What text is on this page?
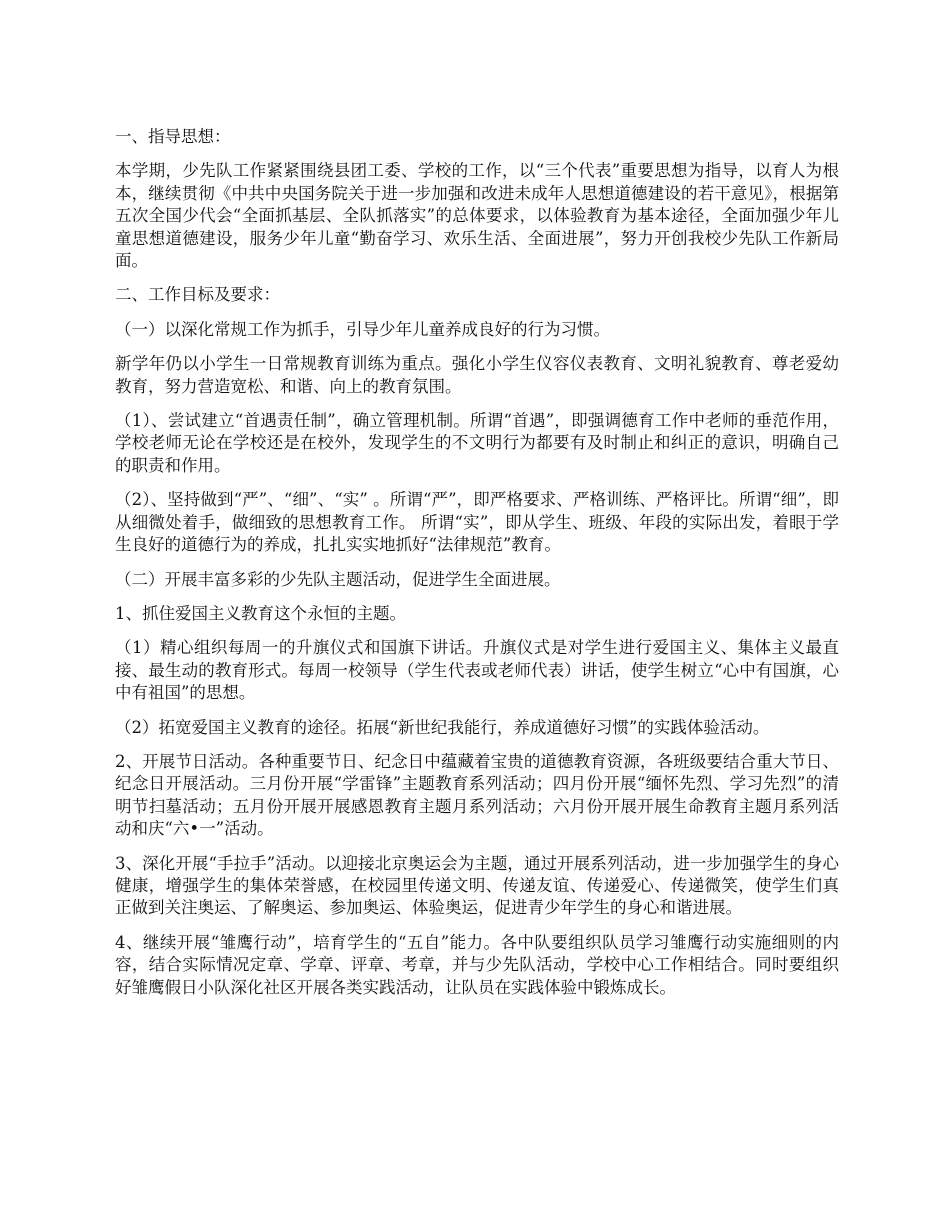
一、指导思想：

本学期，少先队工作紧紧围绕县团工委、学校的工作，以“三个代表”重要思想为指导，以育人为根本，继续贯彻《中共中央国务院关于进一步加强和改进未成年人思想道德建设的若干意见》，根据第五次全国少代会“全面抓基层、全队抓落实”的总体要求，以体验教育为基本途径，全面加强少年儿童思想道德建设，服务少年儿童“勤奋学习、欢乐生活、全面进展”，努力开创我校少先队工作新局面。

二、工作目标及要求：

（一）以深化常规工作为抓手，引导少年儿童养成良好的行为习惯。

新学年仍以小学生一日常规教育训练为重点。强化小学生仪容仪表教育、文明礼貌教育、尊老爱幼教育，努力营造宽松、和谐、向上的教育氛围。

（1）、尝试建立“首遇责任制”，确立管理机制。所谓“首遇”，即强调德育工作中老师的垂范作用，学校老师无论在学校还是在校外，发现学生的不文明行为都要有及时制止和纠正的意识，明确自己的职责和作用。

（2）、坚持做到“严”、“细”、“实” 。所谓“严”，即严格要求、严格训练、严格评比。所谓“细”，即从细微处着手，做细致的思想教育工作。 所谓“实”，即从学生、班级、年段的实际出发，着眼于学生良好的道德行为的养成，扎扎实实地抓好“法律规范”教育。

（二）开展丰富多彩的少先队主题活动，促进学生全面进展。

1、抓住爱国主义教育这个永恒的主题。

（1）精心组织每周一的升旗仪式和国旗下讲话。升旗仪式是对学生进行爱国主义、集体主义最直接、最生动的教育形式。每周一校领导（学生代表或老师代表）讲话，使学生树立“心中有国旗，心中有祖国”的思想。

（2）拓宽爱国主义教育的途径。拓展“新世纪我能行，养成道德好习惯”的实践体验活动。

2、开展节日活动。各种重要节日、纪念日中蕴藏着宝贵的道德教育资源，各班级要结合重大节日、纪念日开展活动。三月份开展“学雷锋”主题教育系列活动；四月份开展“缅怀先烈、学习先烈”的清明节扫墓活动；五月份开展开展感恩教育主题月系列活动；六月份开展开展生命教育主题月系列活动和庆“六•一”活动。

3、深化开展“手拉手”活动。以迎接北京奥运会为主题，通过开展系列活动，进一步加强学生的身心健康，增强学生的集体荣誉感，在校园里传递文明、传递友谊、传递爱心、传递微笑，使学生们真正做到关注奥运、了解奥运、参加奥运、体验奥运，促进青少年学生的身心和谐进展。

4、继续开展“雏鹰行动”，培育学生的“五自”能力。各中队要组织队员学习雏鹰行动实施细则的内容，结合实际情况定章、学章、评章、考章，并与少先队活动，学校中心工作相结合。同时要组织好雏鹰假日小队深化社区开展各类实践活动，让队员在实践体验中锻炼成长。
